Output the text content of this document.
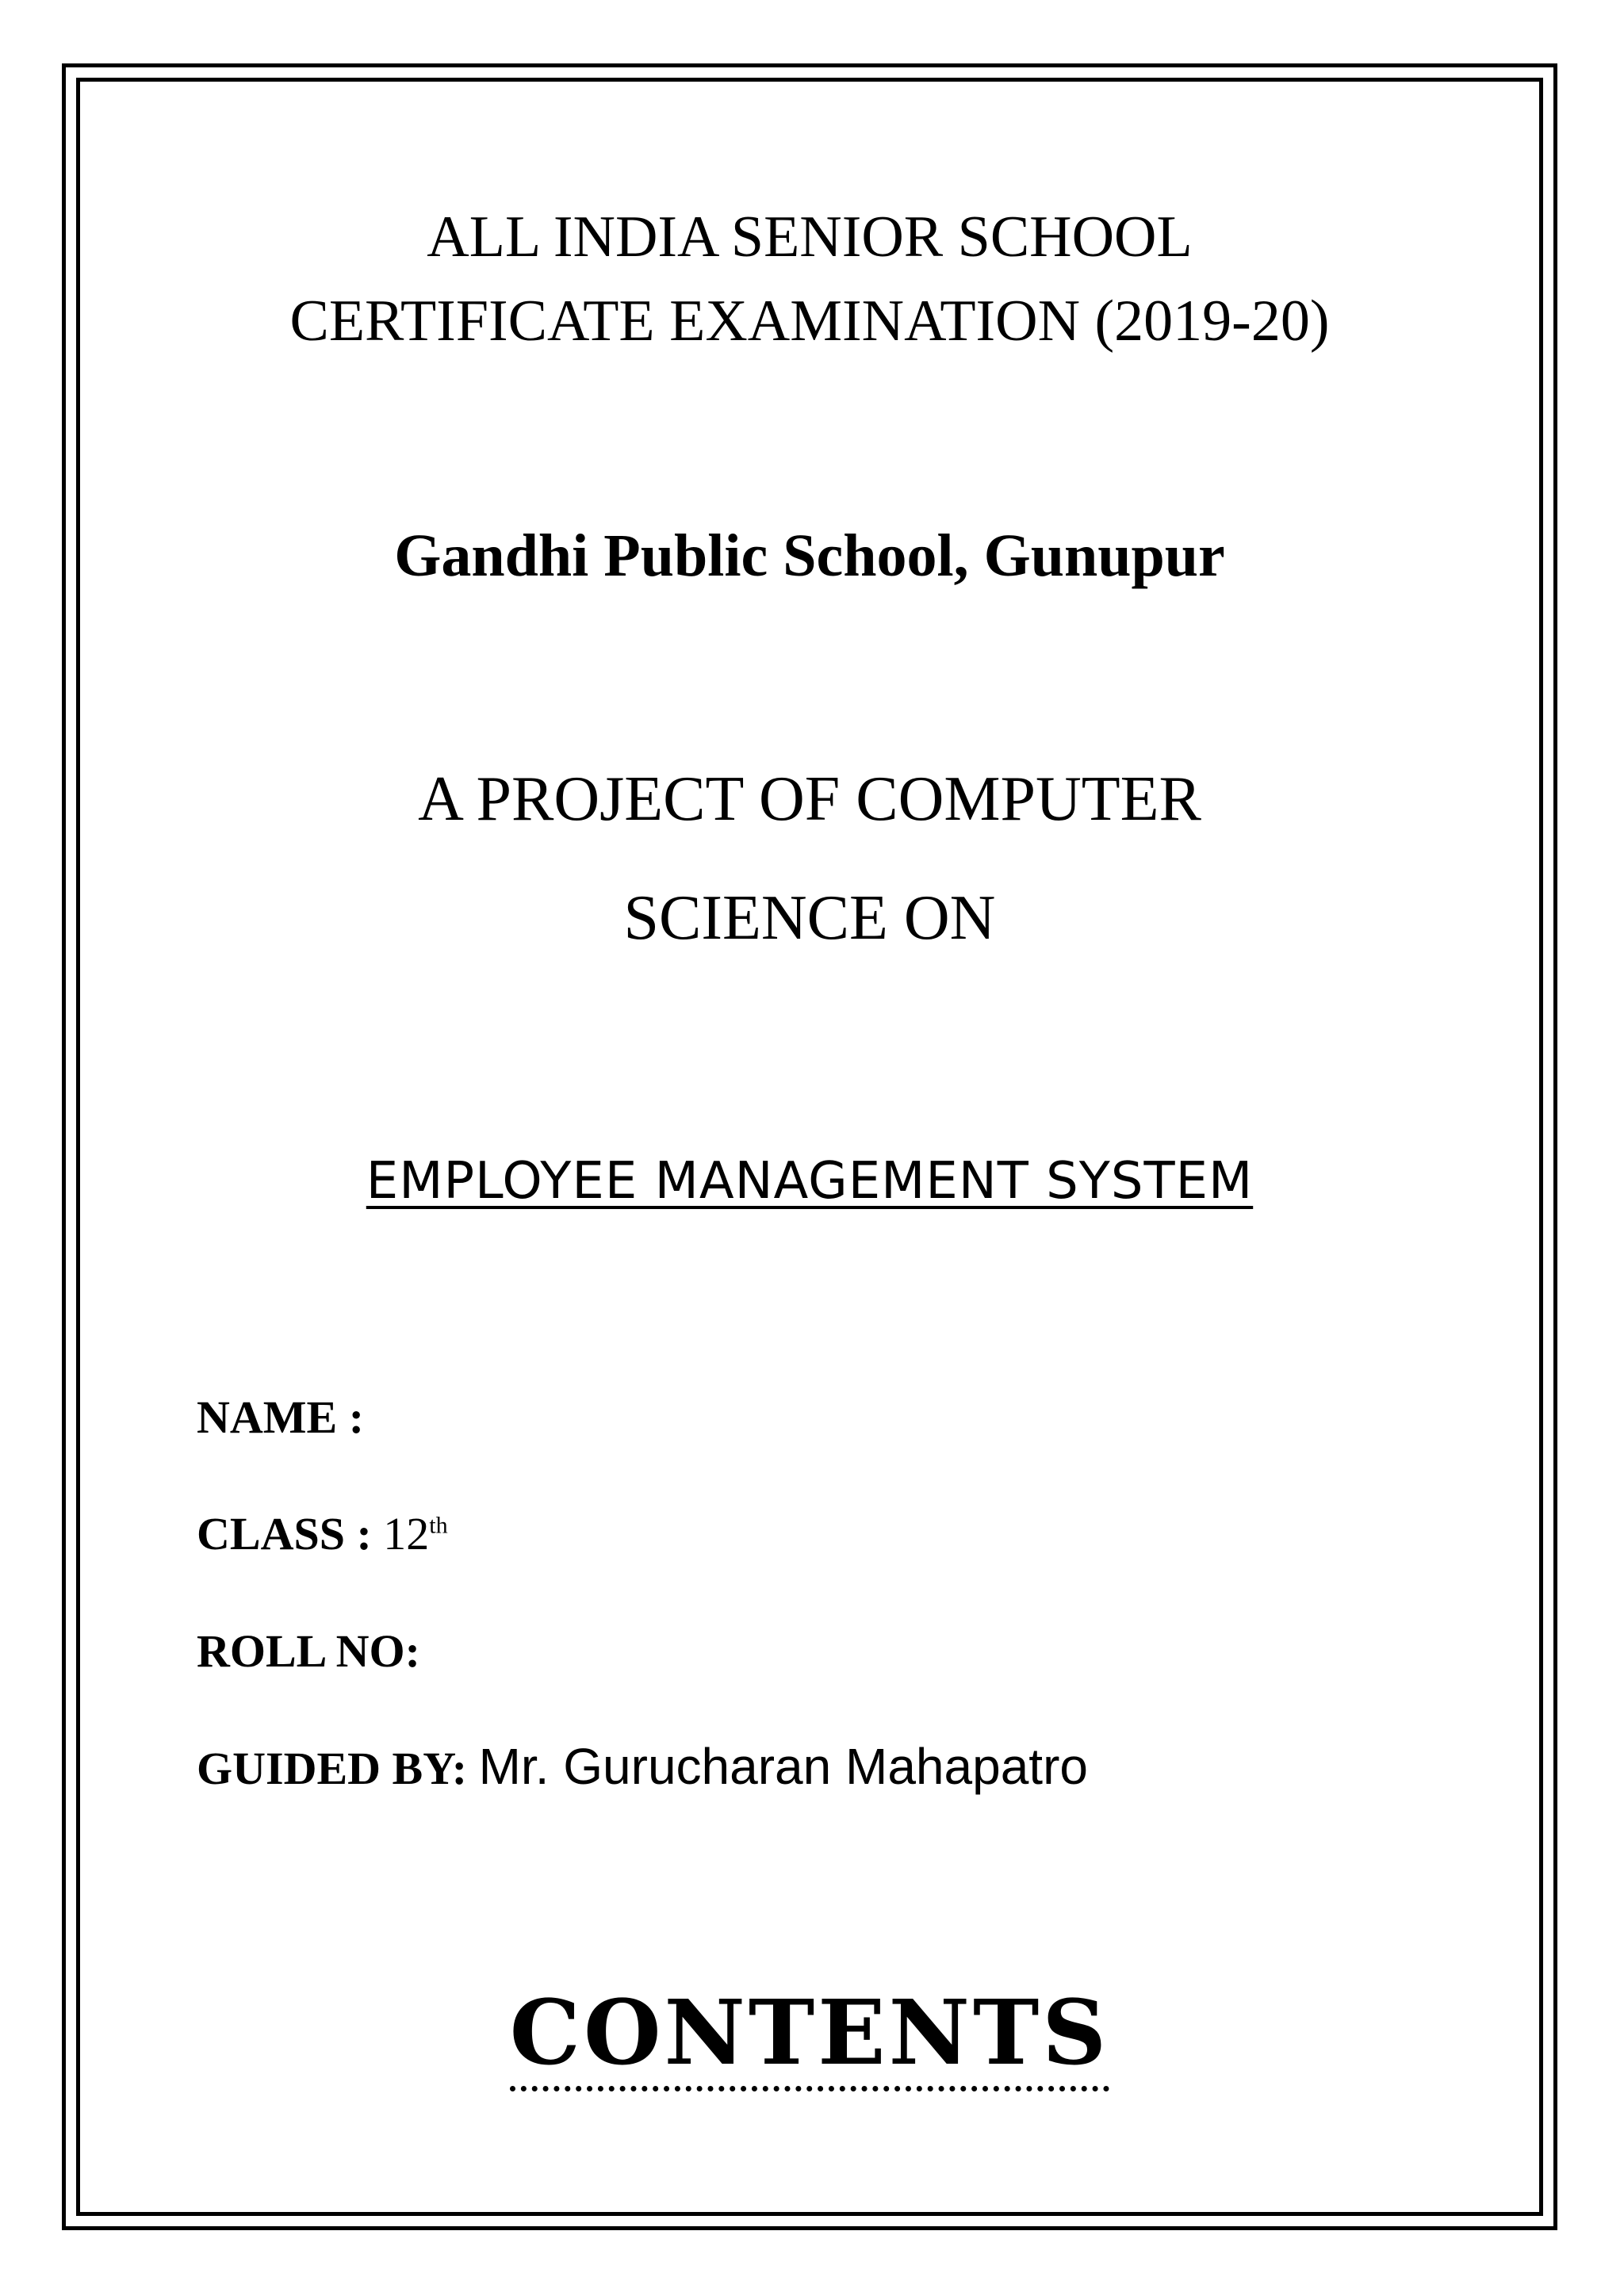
ALL INDIA SENIOR SCHOOL
CERTIFICATE EXAMINATION (2019-20)
Gandhi Public School, Gunupur
A PROJECT OF COMPUTER
SCIENCE ON
EMPLOYEE MANAGEMENT SYSTEM
NAME :
CLASS : 12th
ROLL NO:
GUIDED BY: Mr. Gurucharan Mahapatro
CONTENTS
